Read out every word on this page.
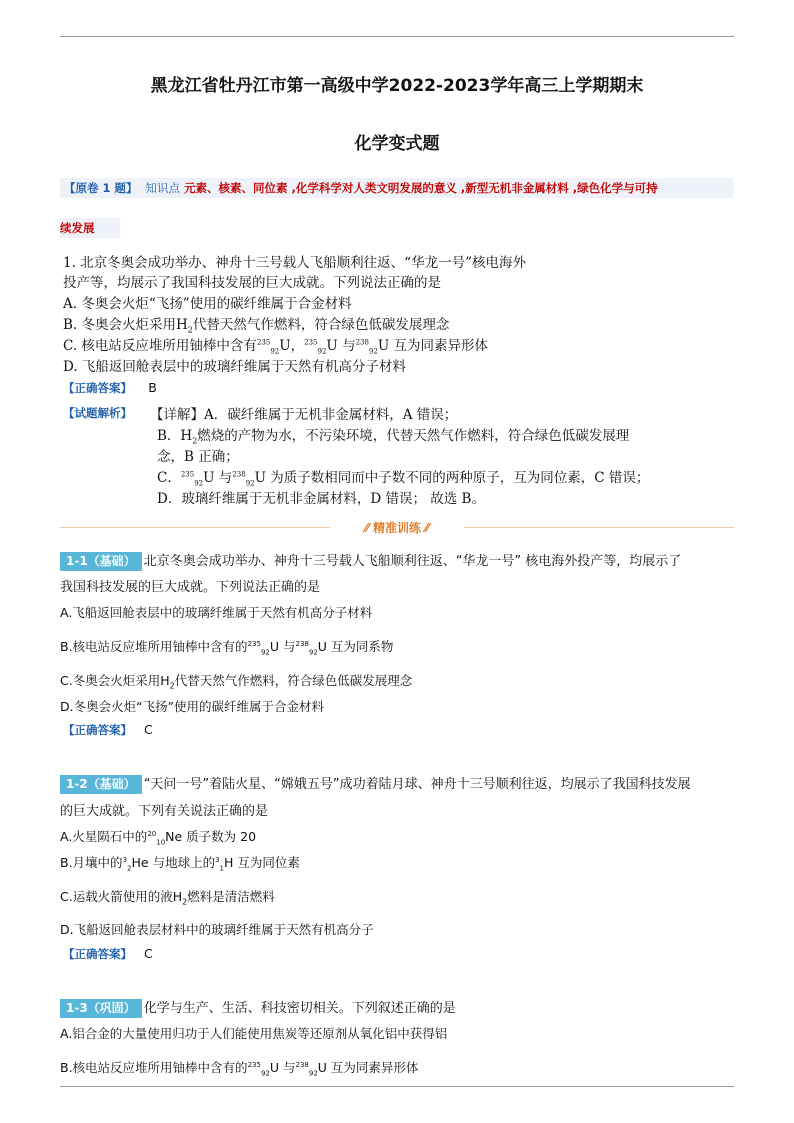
黑龙江省牡丹江市第一高级中学2022-2023学年高三上学期期末
化学变式题
【原卷 1 题】 知识点 元素、核素、同位素 ,化学科学对人类文明发展的意义 ,新型无机非金属材料 ,绿色化学与可持
续发展
1. 北京冬奥会成功举办、神舟十三号载人飞船顺利往返、“华龙一号”核电海外
投产等，均展示了我国科技发展的巨大成就。下列说法正确的是
A. 冬奥会火炬“飞扬”使用的碳纤维属于合金材料
B. 冬奥会火炬采用$H_2$代替天然气作燃料，符合绿色低碳发展理念
C. 核电站反应堆所用铀棒中含有$^{235}_{92}$U，$^{235}_{92}$U 与$^{238}_{92}$U 互为同素异形体
D. 飞船返回舱表层中的玻璃纤维属于天然有机高分子材料
【正确答案】 B
【试题解析】 【详解】A．碳纤维属于无机非金属材料，A 错误；
B．$H_2$燃烧的产物为水，不污染环境，代替天然气作燃料，符合绿色低碳发展理
念，B 正确；
C．$^{235}_{92}$U 与$^{238}_{92}$U 为质子数相同而中子数不同的两种原子，互为同位素，C 错误；
D．玻璃纤维属于无机非金属材料，D 错误； 故选 B。
⁄⁄ 精准训练 ⁄⁄
1-1（基础） 北京冬奥会成功举办、神舟十三号载人飞船顺利往返、“华龙一号” 核电海外投产等，均展示了
我国科技发展的巨大成就。下列说法正确的是
A.飞船返回舱表层中的玻璃纤维属于天然有机高分子材料
B.核电站反应堆所用铀棒中含有的$^{235}_{92}$U 与$^{238}_{92}$U 互为同系物
C.冬奥会火炬采用$H_2$代替天然气作燃料，符合绿色低碳发展理念
D.冬奥会火炬“飞扬”使用的碳纤维属于合金材料
【正确答案】 C
1-2（基础） “天问一号”着陆火星、“嫦娥五号”成功着陆月球、神舟十三号顺利往返，均展示了我国科技发展
的巨大成就。下列有关说法正确的是
A.火星陨石中的$^{20}_{10}$Ne 质子数为 20
B.月壤中的$^3_2$He 与地球上的$^3_1$H 互为同位素
C.运载火箭使用的液$H_2$燃料是清洁燃料
D.飞船返回舱表层材料中的玻璃纤维属于天然有机高分子
【正确答案】 C
1-3（巩固） 化学与生产、生活、科技密切相关。下列叙述正确的是
A.铝合金的大量使用归功于人们能使用焦炭等还原剂从氧化铝中获得铝
B.核电站反应堆所用铀棒中含有的$^{235}_{92}$U 与$^{238}_{92}$U 互为同素异形体
